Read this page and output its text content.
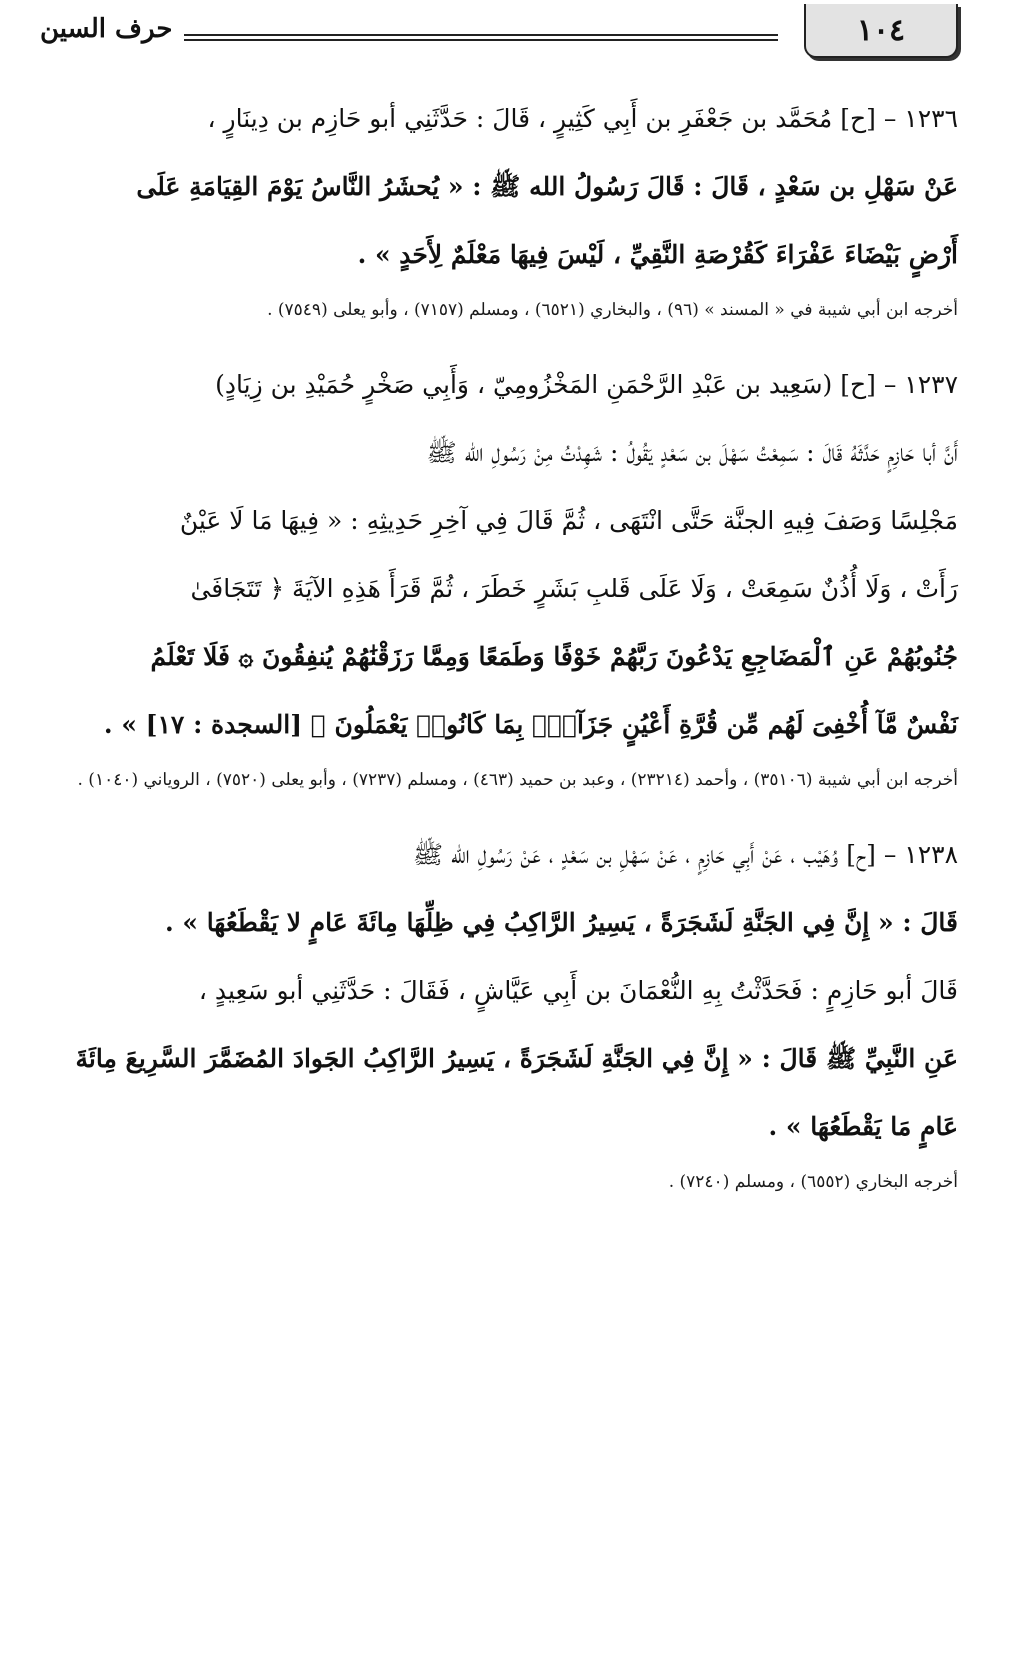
١٠٤
حرف السين

١٢٣٦ – [ح] مُحَمَّد بن جَعْفَرِ بن أَبِي كَثِيرٍ ، قَالَ : حَدَّثَنِي أبو حَازِم بن دِينَارٍ ،

عَنْ سَهْلِ بن سَعْدٍ ، قَالَ : قَالَ رَسُولُ الله ﷺ : « يُحشَرُ النَّاسُ يَوْمَ القِيَامَةِ عَلَى

أَرْضٍ بَيْضَاءَ عَفْرَاءَ كَقُرْصَةِ النَّقِيِّ ، لَيْسَ فِيهَا مَعْلَمٌ لِأَحَدٍ » .

أخرجه ابن أبي شيبة في « المسند » (٩٦) ، والبخاري (٦٥٢١) ، ومسلم (٧١٥٧) ، وأبو يعلى (٧٥٤٩) .

١٢٣٧ – [ح] (سَعِيد بن عَبْدِ الرَّحْمَنِ المَخْزُومِيّ ، وَأَبِي صَخْرٍ حُمَيْدِ بن زِيَادٍ)

أَنَّ أبا حَازِمٍ حَدَّثَهُ قَالَ : سَمِعْتُ سَهْلَ بن سَعْدٍ يَقُولُ : شَهِدْتُ مِنْ رَسُولِ الله ﷺ

مَجْلِسًا وَصَفَ فِيهِ الجنَّة حَتَّى انْتَهَى ، ثُمَّ قَالَ فِي آخِرِ حَدِيثِهِ : « فِيهَا مَا لَا عَيْنٌ

رَأَتْ ، وَلَا أُذُنٌ سَمِعَتْ ، وَلَا عَلَى قَلبِ بَشَرٍ خَطَرَ ، ثُمَّ قَرَأَ هَذِهِ الآيَةَ ﴿ تَتَجَافَىٰ

جُنُوبُهُمْ عَنِ ٱلْمَضَاجِعِ يَدْعُونَ رَبَّهُمْ خَوْفًا وَطَمَعًا وَمِمَّا رَزَقْنَٰهُمْ يُنفِقُونَ ۞ فَلَا تَعْلَمُ

نَفْسٌ مَّآ أُخْفِىَ لَهُم مِّن قُرَّةِ أَعْيُنٍ جَزَآءًۢ بِمَا كَانُوا۟ يَعْمَلُونَ ﴾ [السجدة : ١٧] » .

أخرجه ابن أبي شيبة (٣٥١٠٦) ، وأحمد (٢٣٢١٤) ، وعبد بن حميد (٤٦٣) ، ومسلم (٧٢٣٧) ، وأبو يعلى (٧٥٢٠) ، الروياني (١٠٤٠) .

١٢٣٨ – [ح] وُهَيْب ، عَنْ أَبِي حَازِمٍ ، عَنْ سَهْلِ بن سَعْدٍ ، عَنْ رَسُولِ الله ﷺ

قَالَ : « إِنَّ فِي الجَنَّةِ لَشَجَرَةً ، يَسِيرُ الرَّاكِبُ فِي ظِلِّهَا مِائَةَ عَامٍ لا يَقْطَعُهَا » .

قَالَ أبو حَازِمٍ : فَحَدَّثْتُ بِهِ النُّعْمَانَ بن أَبِي عَيَّاشٍ ، فَقَالَ : حَدَّثَنِي أبو سَعِيدٍ ،

عَنِ النَّبِيِّ ﷺ قَالَ : « إِنَّ فِي الجَنَّةِ لَشَجَرَةً ، يَسِيرُ الرَّاكِبُ الجَوادَ المُضَمَّرَ السَّرِيعَ مِائَةَ

عَامٍ مَا يَقْطَعُهَا » .

أخرجه البخاري (٦٥٥٢) ، ومسلم (٧٢٤٠) .
